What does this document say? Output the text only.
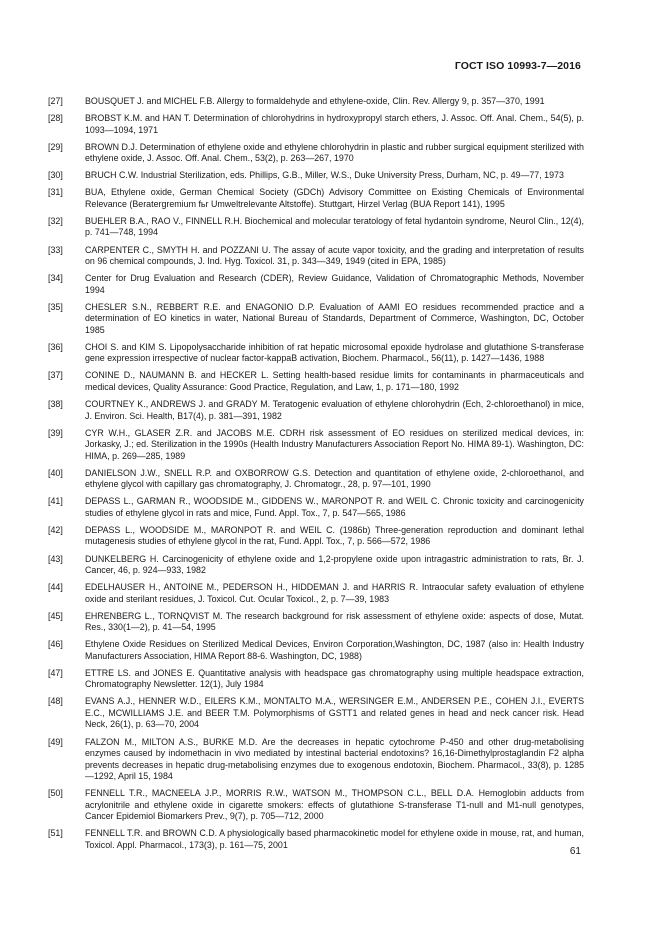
ГОСТ ISO 10993-7—2016
[27]	BOUSQUET J. and MICHEL F.B. Allergy to formaldehyde and ethylene-oxide, Clin. Rev. Allergy 9, p. 357—370, 1991
[28]	BROBST K.M. and HAN T. Determination of chlorohydrins in hydroxypropyl starch ethers, J. Assoc. Off. Anal. Chem., 54(5), p. 1093—1094, 1971
[29]	BROWN D.J. Determination of ethylene oxide and ethylene chlorohydrin in plastic and rubber surgical equipment sterilized with ethylene oxide, J. Assoc. Off. Anal. Chem., 53(2), p. 263—267, 1970
[30]	BRUCH C.W. Industrial Sterilization, eds. Phillips, G.B., Miller, W.S., Duke University Press, Durham, NC, p. 49—77, 1973
[31]	BUA, Ethylene oxide, German Chemical Society (GDCh) Advisory Committee on Existing Chemicals of Environmental Relevance (Beratergremium fьr Umweltrelevante Altstoffe). Stuttgart, Hirzel Verlag (BUA Report 141), 1995
[32]	BUEHLER B.A., RAO V., FINNELL R.H. Biochemical and molecular teratology of fetal hydantoin syndrome, Neurol Clin., 12(4), p. 741—748, 1994
[33]	CARPENTER C., SMYTH H. and POZZANI U. The assay of acute vapor toxicity, and the grading and interpretation of results on 96 chemical compounds, J. Ind. Hyg. Toxicol. 31, p. 343—349, 1949 (cited in EPA, 1985)
[34]	Center for Drug Evaluation and Research (CDER), Review Guidance, Validation of Chromatographic Methods, November 1994
[35]	CHESLER S.N., REBBERT R.E. and ENAGONIO D.P. Evaluation of AAMI EO residues recommended practice and a determination of EO kinetics in water, National Bureau of Standards, Department of Commerce, Washington, DC, October 1985
[36]	CHOI S. and KIM S. Lipopolysaccharide inhibition of rat hepatic microsomal epoxide hydrolase and glutathione S-transferase gene expression irrespective of nuclear factor-kappaB activation, Biochem. Pharmacol., 56(11), p. 1427—1436, 1988
[37]	CONINE D., NAUMANN B. and HECKER L. Setting health-based residue limits for contaminants in pharmaceuticals and medical devices, Quality Assurance: Good Practice, Regulation, and Law, 1, p. 171—180, 1992
[38]	COURTNEY K., ANDREWS J. and GRADY M. Teratogenic evaluation of ethylene chlorohydrin (Ech, 2-chloroethanol) in mice, J. Environ. Sci. Health, B17(4), p. 381—391, 1982
[39]	CYR W.H., GLASER Z.R. and JACOBS M.E. CDRH risk assessment of EO residues on sterilized medical devices, in: Jorkasky, J.; ed. Sterilization in the 1990s (Health Industry Manufacturers Association Report No. HIMA 89-1). Washington, DC: HIMA, p. 269—285, 1989
[40]	DANIELSON J.W., SNELL R.P. and OXBORROW G.S. Detection and quantitation of ethylene oxide, 2-chloroethanol, and ethylene glycol with capillary gas chromatography, J. Chromatogr., 28, p. 97—101, 1990
[41]	DEPASS L., GARMAN R., WOODSIDE M., GIDDENS W., MARONPOT R. and WEIL C. Chronic toxicity and carcinogenicity studies of ethylene glycol in rats and mice, Fund. Appl. Tox., 7, p. 547—565, 1986
[42]	DEPASS L., WOODSIDE M., MARONPOT R. and WEIL C. (1986b) Three-generation reproduction and dominant lethal mutagenesis studies of ethylene glycol in the rat, Fund. Appl. Tox., 7, p. 566—572, 1986
[43]	DUNKELBERG H. Carcinogenicity of ethylene oxide and 1,2-propylene oxide upon intragastric administration to rats, Br. J. Cancer, 46, p. 924—933, 1982
[44]	EDELHAUSER H., ANTOINE M., PEDERSON H., HIDDEMAN J. and HARRIS R. Intraocular safety evaluation of ethylene oxide and sterilant residues, J. Toxicol. Cut. Ocular Toxicol., 2, p. 7—39, 1983
[45]	EHRENBERG L., TORNQVIST M. The research background for risk assessment of ethylene oxide: aspects of dose, Mutat. Res., 330(1—2), p. 41—54, 1995
[46]	Ethylene Oxide Residues on Sterilized Medical Devices, Environ Corporation,Washington, DC, 1987 (also in: Health Industry Manufacturers Association, HIMA Report 88-6. Washington, DC, 1988)
[47]	ETTRE LS. and JONES E. Quantitative analysis with headspace gas chromatography using multiple headspace extraction, Chromatography Newsletter. 12(1), July 1984
[48]	EVANS A.J., HENNER W.D., EILERS K.M., MONTALTO M.A., WERSINGER E.M., ANDERSEN P.E., COHEN J.I., EVERTS E.C., MCWILLIAMS J.E. and BEER T.M. Polymorphisms of GSTT1 and related genes in head and neck cancer risk. Head Neck, 26(1), p. 63—70, 2004
[49]	FALZON M., MILTON A.S., BURKE M.D. Are the decreases in hepatic cytochrome P-450 and other drug-metabolising enzymes caused by indomethacin in vivo mediated by intestinal bacterial endotoxins? 16,16-Dimethylprostaglandin F2 alpha prevents decreases in hepatic drug-metabolising enzymes due to exogenous endotoxin, Biochem. Pharmacol., 33(8), p. 1285—1292, April 15, 1984
[50]	FENNELL T.R., MACNEELA J.P., MORRIS R.W., WATSON M., THOMPSON C.L., BELL D.A. Hemoglobin adducts from acrylonitrile and ethylene oxide in cigarette smokers: effects of glutathione S-transferase T1-null and M1-null genotypes, Cancer Epidemiol Biomarkers Prev., 9(7), p. 705—712, 2000
[51]	FENNELL T.R. and BROWN C.D. A physiologically based pharmacokinetic model for ethylene oxide in mouse, rat, and human, Toxicol. Appl. Pharmacol., 173(3), p. 161—75, 2001
61
